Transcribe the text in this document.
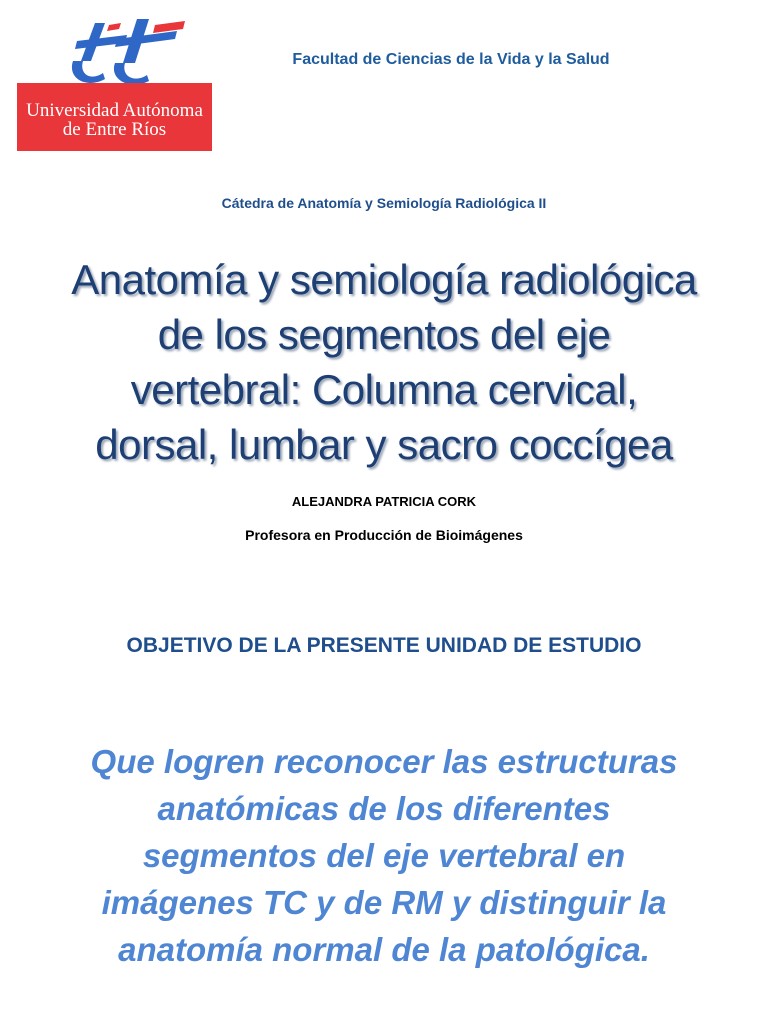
Universidad Autónoma
de Entre Ríos
Facultad de Ciencias de la Vida y la Salud
Cátedra de Anatomía y Semiología Radiológica II
Anatomía y semiología radiológica
de los segmentos del eje
vertebral: Columna cervical,
dorsal, lumbar y sacro coccígea
ALEJANDRA PATRICIA CORK
Profesora en Producción de Bioimágenes
OBJETIVO DE LA PRESENTE UNIDAD DE ESTUDIO
Que logren reconocer las estructuras
anatómicas de los diferentes
segmentos del eje vertebral en
imágenes TC y de RM y distinguir la
anatomía normal de la patológica.
